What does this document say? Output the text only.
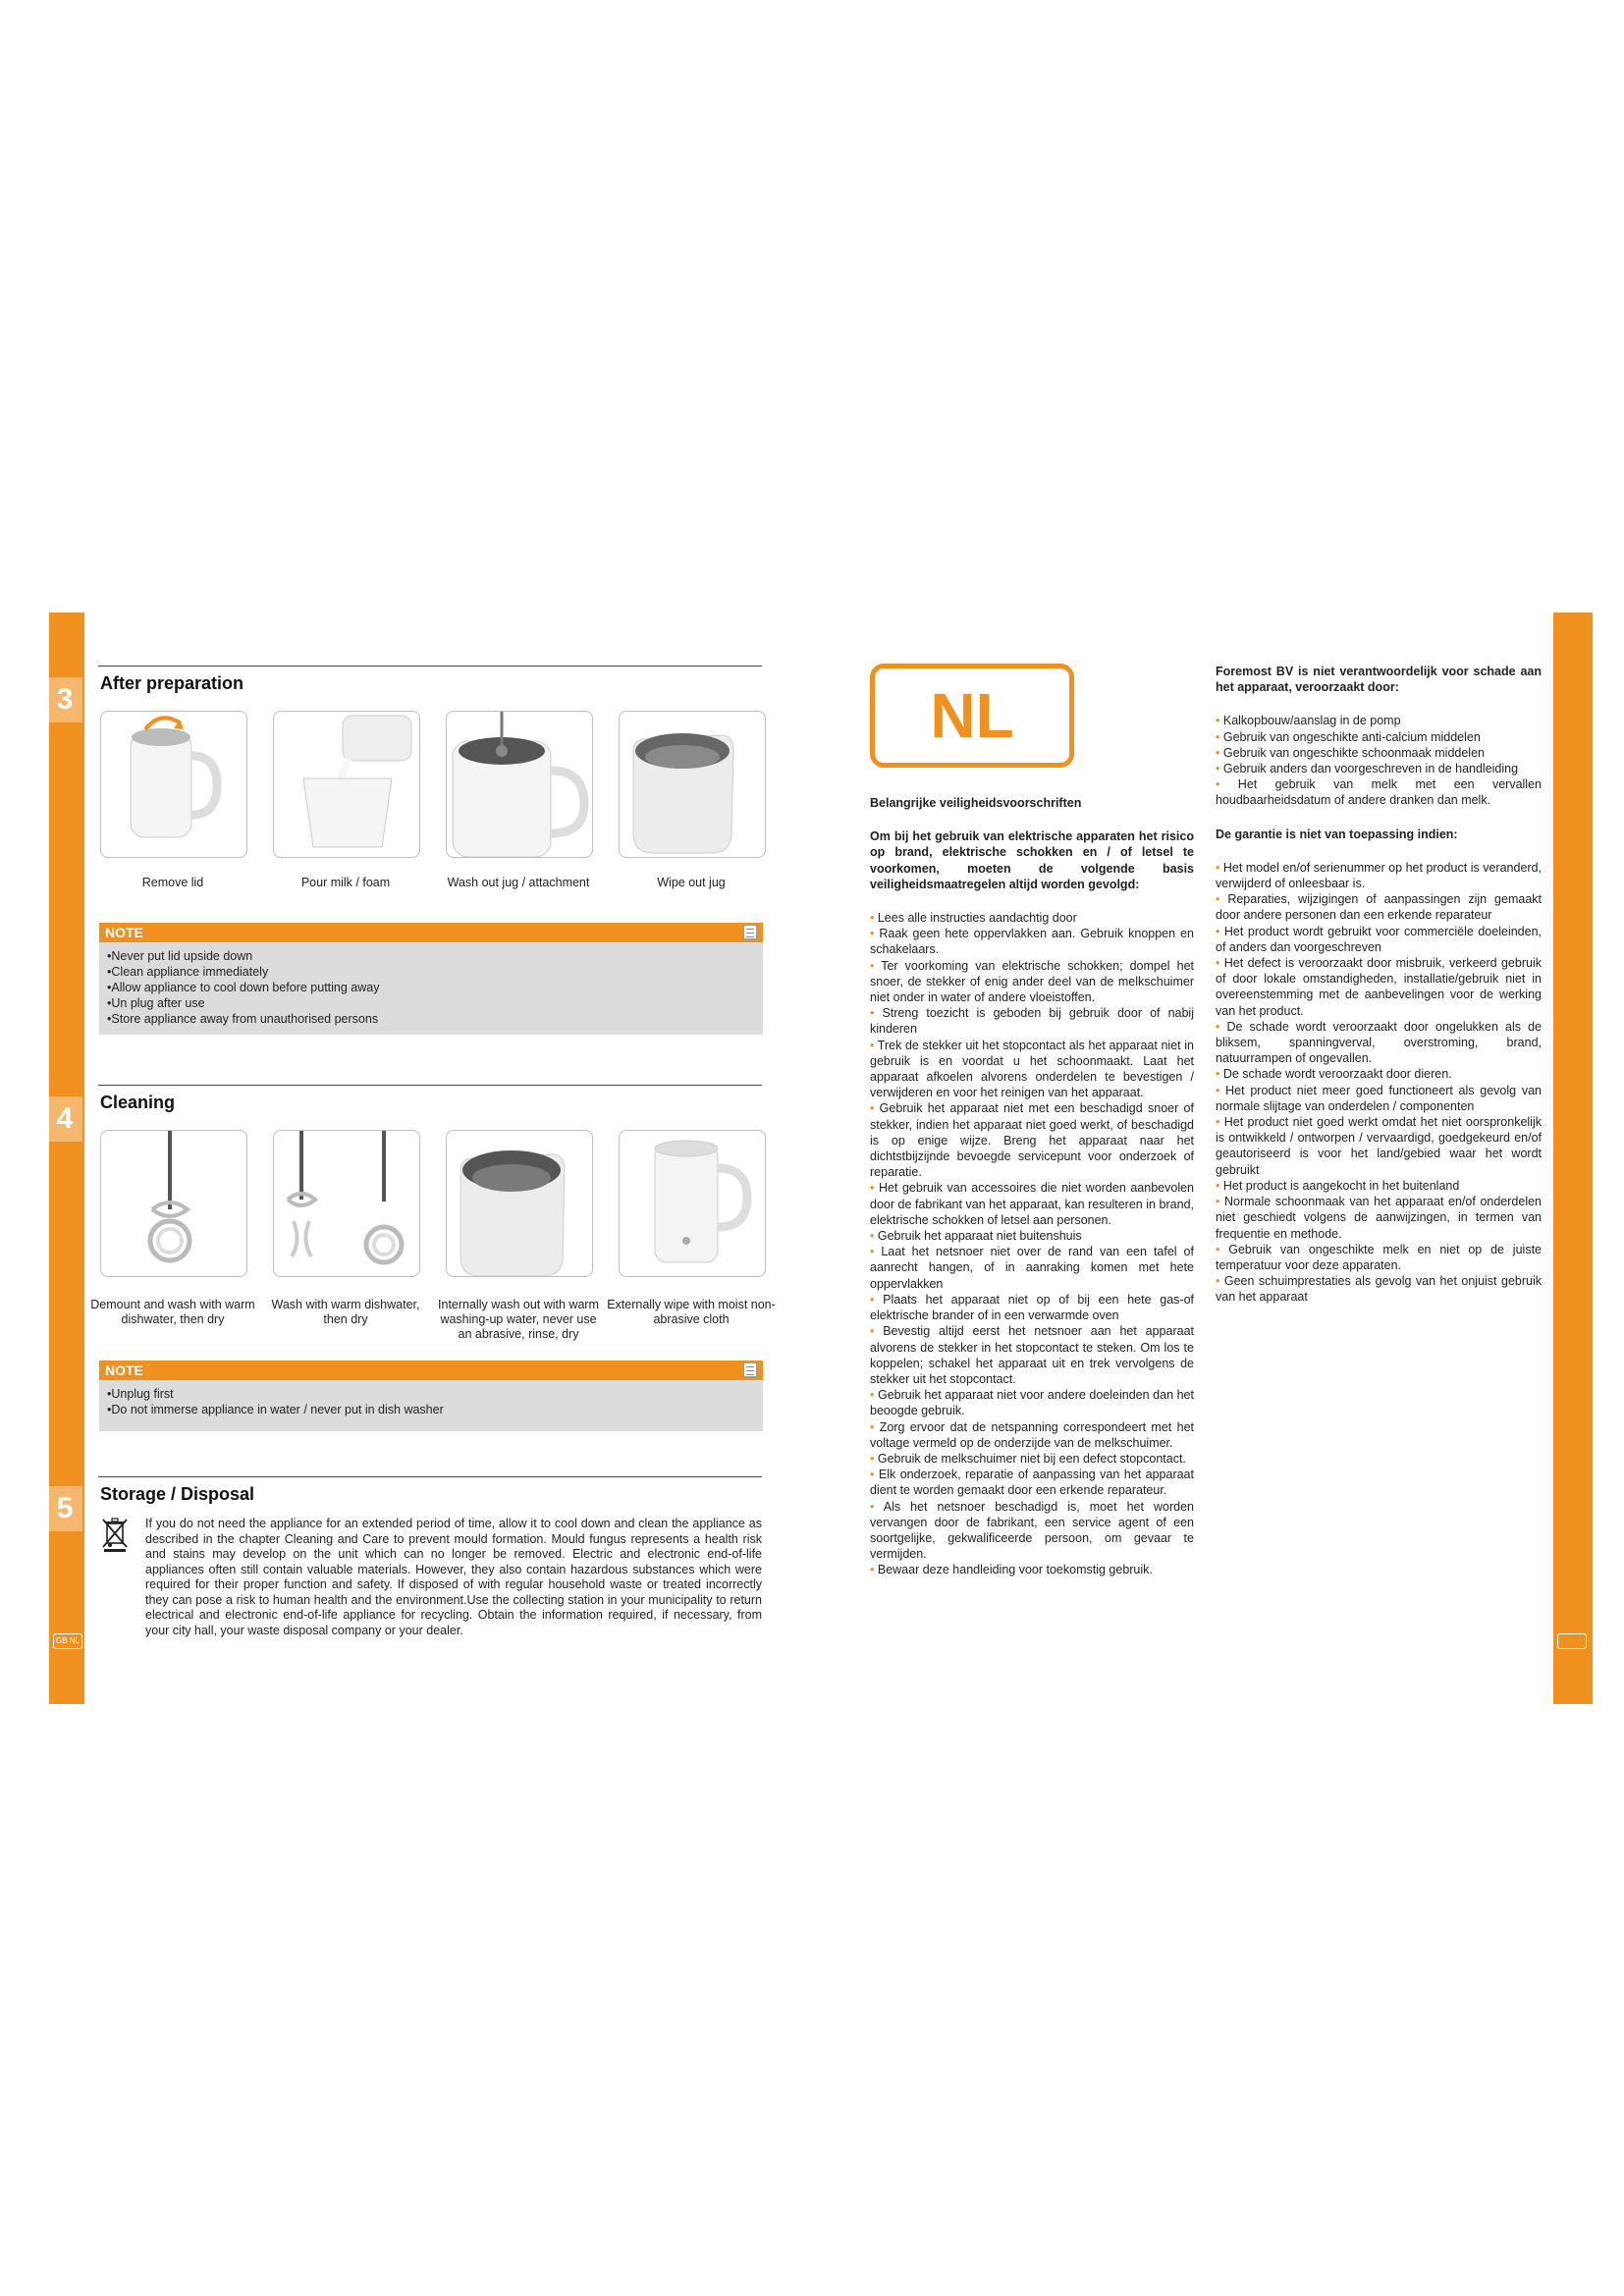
3	After preparation
Remove lid	Pour milk / foam	Wash out jug / attachment	Wipe out jug
NOTE
• Never put lid upside down
• Clean appliance immediately
• Allow appliance to cool down before putting away
• Un plug after use
• Store appliance away from unauthorised persons
4	Cleaning
Demount and wash with warm dishwater, then dry
Wash with warm dishwater, then dry
Internally wash out with warm washing-up water, never use an abrasive, rinse, dry
Externally wipe with moist non-abrasive cloth
NOTE
• Unplug first
• Do not immerse appliance in water / never put in dish washer
5	Storage / Disposal
If you do not need the appliance for an extended period of time, allow it to cool down and clean the appliance as described in the chapter Cleaning and Care to prevent mould formation. Mould fungus represents a health risk and stains may develop on the unit which can no longer be removed. Electric and electronic end-of-life appliances often still contain valuable materials. However, they also contain hazardous substances which were required for their proper function and safety. If disposed of with regular household waste or treated incorrectly they can pose a risk to human health and the environment.Use the collecting station in your municipality to return electrical and electronic end-of-life appliance for recycling. Obtain the information required, if necessary, from your city hall, your waste disposal company or your dealer.
GB NL
NL
Belangrijke veiligheidsvoorschriften
Om bij het gebruik van elektrische apparaten het risico op brand, elektrische schokken en / of letsel te voorkomen, moeten de volgende basis veiligheidsmaatregelen altijd worden gevolgd:
• Lees alle instructies aandachtig door
• Raak geen hete oppervlakken aan. Gebruik knoppen en schakelaars.
• Ter voorkoming van elektrische schokken; dompel het snoer, de stekker of enig ander deel van de melkschuimer niet onder in water of andere vloeistoffen.
• Streng toezicht is geboden bij gebruik door of nabij kinderen
• Trek de stekker uit het stopcontact als het apparaat niet in gebruik is en voordat u het schoonmaakt. Laat het apparaat afkoelen alvorens onderdelen te bevestigen / verwijderen en voor het reinigen van het apparaat.
• Gebruik het apparaat niet met een beschadigd snoer of stekker, indien het apparaat niet goed werkt, of beschadigd is op enige wijze. Breng het apparaat naar het dichtstbijzijnde bevoegde servicepunt voor onderzoek of reparatie.
• Het gebruik van accessoires die niet worden aanbevolen door de fabrikant van het apparaat, kan resulteren in brand, elektrische schokken of letsel aan personen.
• Gebruik het apparaat niet buitenshuis
• Laat het netsnoer niet over de rand van een tafel of aanrecht hangen, of in aanraking komen met hete oppervlakken
• Plaats het apparaat niet op of bij een hete gas-of elektrische brander of in een verwarmde oven
• Bevestig altijd eerst het netsnoer aan het apparaat alvorens de stekker in het stopcontact te steken. Om los te koppelen; schakel het apparaat uit en trek vervolgens de stekker uit het stopcontact.
• Gebruik het apparaat niet voor andere doeleinden dan het beoogde gebruik.
• Zorg ervoor dat de netspanning correspondeert met het voltage vermeld op de onderzijde van de melkschuimer.
• Gebruik de melkschuimer niet bij een defect stopcontact.
• Elk onderzoek, reparatie of aanpassing van het apparaat dient te worden gemaakt door een erkende reparateur.
• Als het netsnoer beschadigd is, moet het worden vervangen door de fabrikant, een service agent of een soortgelijke, gekwalificeerde persoon, om gevaar te vermijden.
• Bewaar deze handleiding voor toekomstig gebruik.
Foremost BV is niet verantwoordelijk voor schade aan het apparaat, veroorzaakt door:
• Kalkopbouw/aanslag in de pomp
• Gebruik van ongeschikte anti-calcium middelen
• Gebruik van ongeschikte schoonmaak middelen
• Gebruik anders dan voorgeschreven in de handleiding
• Het gebruik van melk met een vervallen houdbaarheidsdatum of andere dranken dan melk.
De garantie is niet van toepassing indien:
• Het model en/of serienummer op het product is veranderd, verwijderd of onleesbaar is.
• Reparaties, wijzigingen of aanpassingen zijn gemaakt door andere personen dan een erkende reparateur
• Het product wordt gebruikt voor commerciële doeleinden, of anders dan voorgeschreven
• Het defect is veroorzaakt door misbruik, verkeerd gebruik of door lokale omstandigheden, installatie/gebruik niet in overeenstemming met de aanbevelingen voor de werking van het product.
• De schade wordt veroorzaakt door ongelukken als de bliksem, spanningverval, overstroming, brand, natuurrampen of ongevallen.
• De schade wordt veroorzaakt door dieren.
• Het product niet meer goed functioneert als gevolg van normale slijtage van onderdelen / componenten
• Het product niet goed werkt omdat het niet oorspronkelijk is ontwikkeld / ontworpen / vervaardigd, goedgekeurd en/of geautoriseerd is voor het land/gebied waar het wordt gebruikt
• Het product is aangekocht in het buitenland
• Normale schoonmaak van het apparaat en/of onderdelen niet geschiedt volgens de aanwijzingen, in termen van frequentie en methode.
• Gebruik van ongeschikte melk en niet op de juiste temperatuur voor deze apparaten.
• Geen schuimprestaties als gevolg van het onjuist gebruik van het apparaat
